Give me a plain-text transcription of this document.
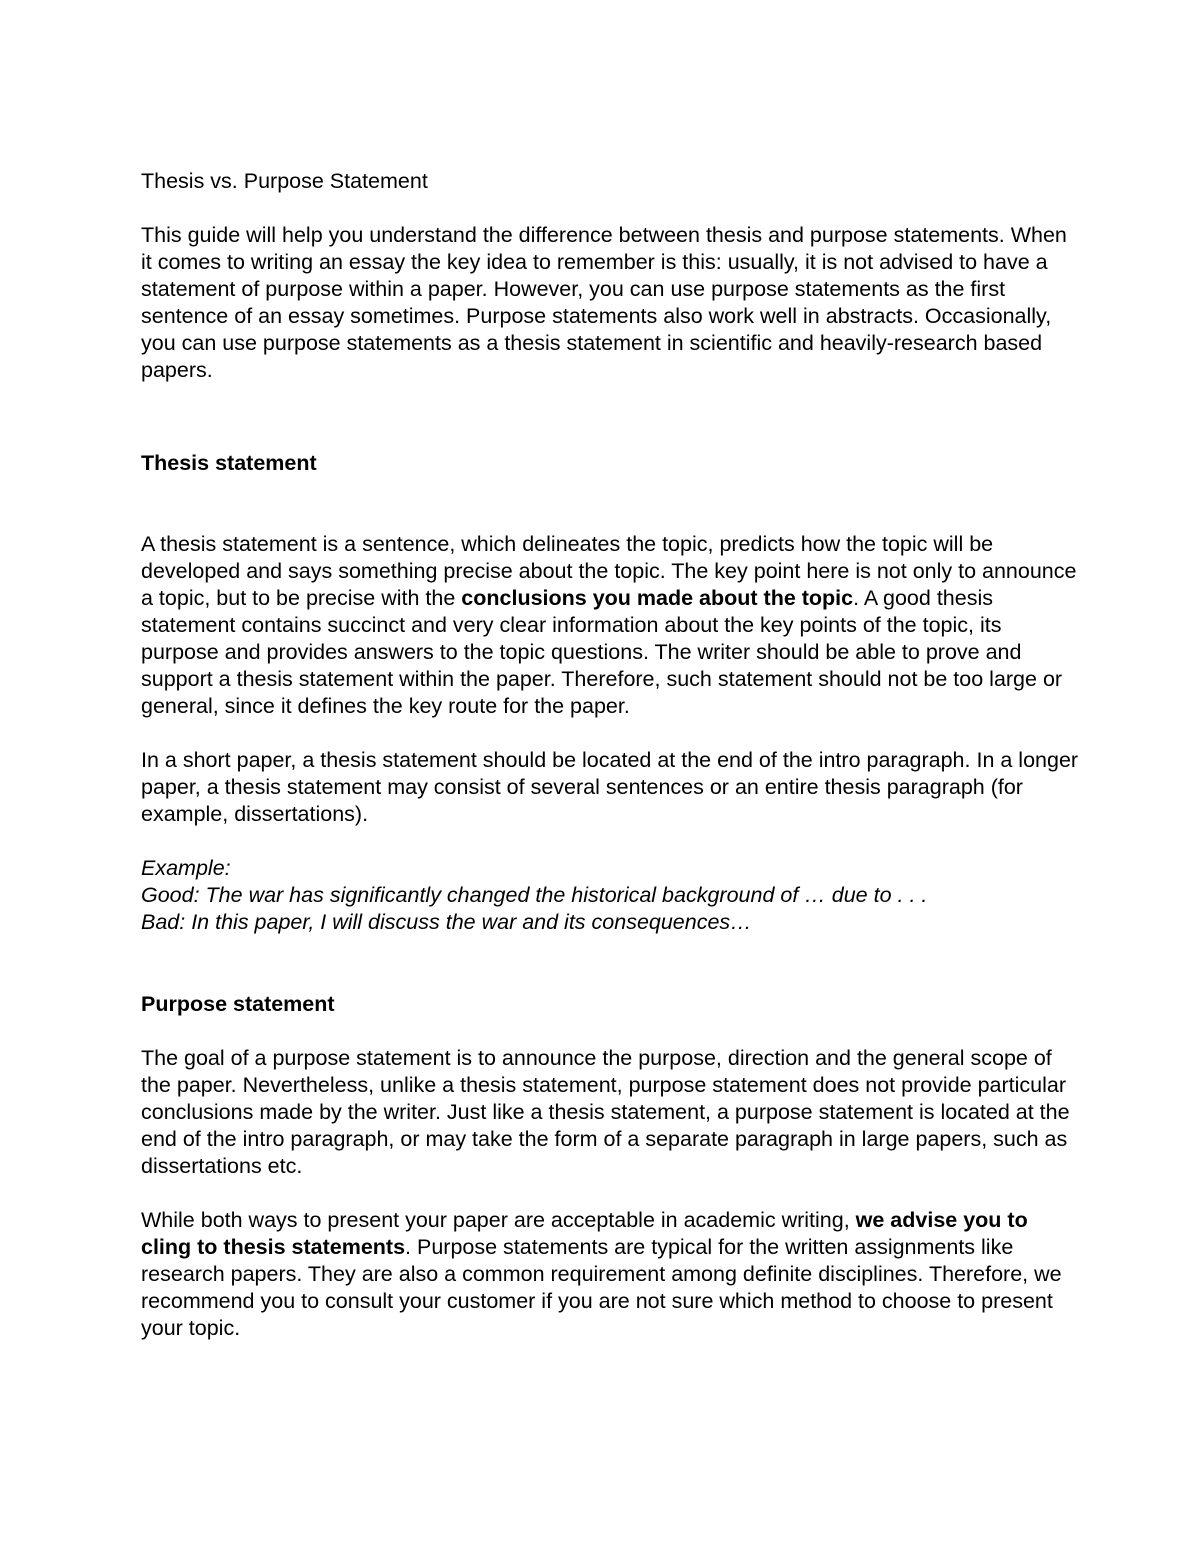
Thesis vs. Purpose Statement

This guide will help you understand the difference between thesis and purpose statements. When it comes to writing an essay the key idea to remember is this: usually, it is not advised to have a statement of purpose within a paper. However, you can use purpose statements as the first sentence of an essay sometimes. Purpose statements also work well in abstracts. Occasionally, you can use purpose statements as a thesis statement in scientific and heavily-research based papers.

Thesis statement

A thesis statement is a sentence, which delineates the topic, predicts how the topic will be developed and says something precise about the topic. The key point here is not only to announce a topic, but to be precise with the conclusions you made about the topic. A good thesis statement contains succinct and very clear information about the key points of the topic, its purpose and provides answers to the topic questions. The writer should be able to prove and support a thesis statement within the paper. Therefore, such statement should not be too large or general, since it defines the key route for the paper.

In a short paper, a thesis statement should be located at the end of the intro paragraph. In a longer paper, a thesis statement may consist of several sentences or an entire thesis paragraph (for example, dissertations).

Example:
Good: The war has significantly changed the historical background of … due to . . .
Bad: In this paper, I will discuss the war and its consequences…

Purpose statement

The goal of a purpose statement is to announce the purpose, direction and the general scope of the paper. Nevertheless, unlike a thesis statement, purpose statement does not provide particular conclusions made by the writer. Just like a thesis statement, a purpose statement is located at the end of the intro paragraph, or may take the form of a separate paragraph in large papers, such as dissertations etc.

While both ways to present your paper are acceptable in academic writing, we advise you to cling to thesis statements. Purpose statements are typical for the written assignments like research papers. They are also a common requirement among definite disciplines. Therefore, we recommend you to consult your customer if you are not sure which method to choose to present your topic.
